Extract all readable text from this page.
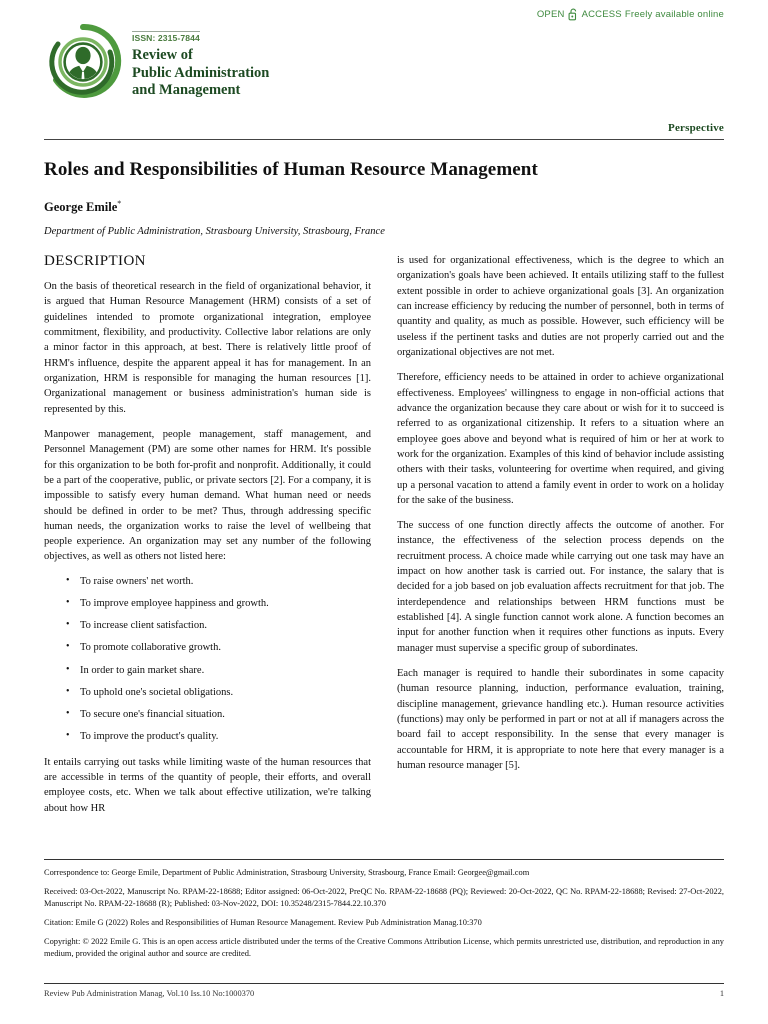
OPEN ACCESS Freely available online
ISSN: 2315-7844
Review of
Public Administration
and Management
Perspective
Roles and Responsibilities of Human Resource Management
George Emile*
Department of Public Administration, Strasbourg University, Strasbourg, France
DESCRIPTION

On the basis of theoretical research in the field of organizational behavior, it is argued that Human Resource Management (HRM) consists of a set of guidelines intended to promote organizational integration, employee commitment, flexibility, and productivity. Collective labor relations are only a minor factor in this approach, at best. There is relatively little proof of HRM's influence, despite the apparent appeal it has for management. In an organization, HRM is responsible for managing the human resources [1]. Organizational management or business administration's human side is represented by this.

Manpower management, people management, staff management, and Personnel Management (PM) are some other names for HRM. It's possible for this organization to be both for-profit and nonprofit. Additionally, it could be a part of the cooperative, public, or private sectors [2]. For a company, it is impossible to satisfy every human demand. What human need or needs should be defined in order to be met? Thus, through addressing specific human needs, the organization works to raise the level of wellbeing that people experience. An organization may set any number of the following objectives, as well as others not listed here:

• To raise owners' net worth.
• To improve employee happiness and growth.
• To increase client satisfaction.
• To promote collaborative growth.
• In order to gain market share.
• To uphold one's societal obligations.
• To secure one's financial situation.
• To improve the product's quality.

It entails carrying out tasks while limiting waste of the human resources that are accessible in terms of the quantity of people, their efforts, and overall employee costs, etc. When we talk about effective utilization, we're talking about how HR

is used for organizational effectiveness, which is the degree to which an organization's goals have been achieved. It entails utilizing staff to the fullest extent possible in order to achieve organizational goals [3]. An organization can increase efficiency by reducing the number of personnel, both in terms of quantity and quality, as much as possible. However, such efficiency will be useless if the pertinent tasks and duties are not properly carried out and the organizational objectives are not met.

Therefore, efficiency needs to be attained in order to achieve organizational effectiveness. Employees' willingness to engage in non-official actions that advance the organization because they care about or wish for it to succeed is referred to as organizational citizenship. It refers to a situation where an employee goes above and beyond what is required of him or her at work to work for the organization. Examples of this kind of behavior include assisting others with their tasks, volunteering for overtime when required, and giving up a personal vacation to attend a family event in order to work on a holiday for the sake of the business.

The success of one function directly affects the outcome of another. For instance, the effectiveness of the selection process depends on the recruitment process. A choice made while carrying out one task may have an impact on how another task is carried out. For instance, the salary that is decided for a job based on job evaluation affects recruitment for that job. The interdependence and relationships between HRM functions must be established [4]. A single function cannot work alone. A function becomes an input for another function when it requires other functions as inputs. Every manager must supervise a specific group of subordinates.

Each manager is required to handle their subordinates in some capacity (human resource planning, induction, performance evaluation, training, discipline management, grievance handling etc.). Human resource activities (functions) may only be performed in part or not at all if managers across the board fail to accept responsibility. In the sense that every manager is accountable for HRM, it is appropriate to note here that every manager is a human resource manager [5].

Correspondence to: George Emile, Department of Public Administration, Strasbourg University, Strasbourg, France Email: Georgee@gmail.com

Received: 03-Oct-2022, Manuscript No. RPAM-22-18688; Editor assigned: 06-Oct-2022, PreQC No. RPAM-22-18688 (PQ); Reviewed: 20-Oct-2022, QC No. RPAM-22-18688; Revised: 27-Oct-2022, Manuscript No. RPAM-22-18688 (R); Published: 03-Nov-2022, DOI: 10.35248/2315-7844.22.10.370

Citation: Emile G (2022) Roles and Responsibilities of Human Resource Management. Review Pub Administration Manag.10:370

Copyright: © 2022 Emile G. This is an open access article distributed under the terms of the Creative Commons Attribution License, which permits unrestricted use, distribution, and reproduction in any medium, provided the original author and source are credited.

Review Pub Administration Manag, Vol.10 Iss.10 No:1000370	1
